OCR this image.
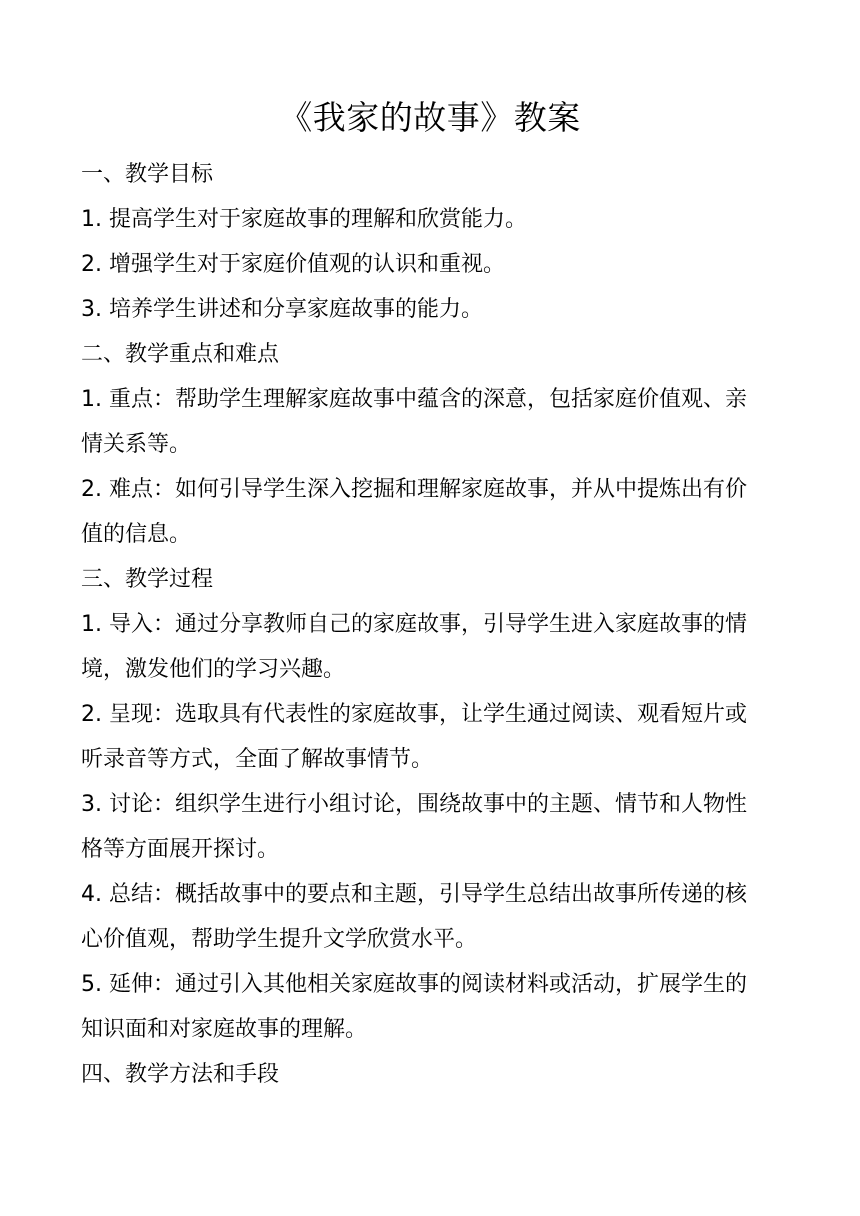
《我家的故事》教案
一、教学目标
1. 提高学生对于家庭故事的理解和欣赏能力。
2. 增强学生对于家庭价值观的认识和重视。
3. 培养学生讲述和分享家庭故事的能力。
二、教学重点和难点
1. 重点：帮助学生理解家庭故事中蕴含的深意，包括家庭价值观、亲
情关系等。
2. 难点：如何引导学生深入挖掘和理解家庭故事，并从中提炼出有价
值的信息。
三、教学过程
1. 导入：通过分享教师自己的家庭故事，引导学生进入家庭故事的情
境，激发他们的学习兴趣。
2. 呈现：选取具有代表性的家庭故事，让学生通过阅读、观看短片或
听录音等方式，全面了解故事情节。
3. 讨论：组织学生进行小组讨论，围绕故事中的主题、情节和人物性
格等方面展开探讨。
4. 总结：概括故事中的要点和主题，引导学生总结出故事所传递的核
心价值观，帮助学生提升文学欣赏水平。
5. 延伸：通过引入其他相关家庭故事的阅读材料或活动，扩展学生的
知识面和对家庭故事的理解。
四、教学方法和手段
